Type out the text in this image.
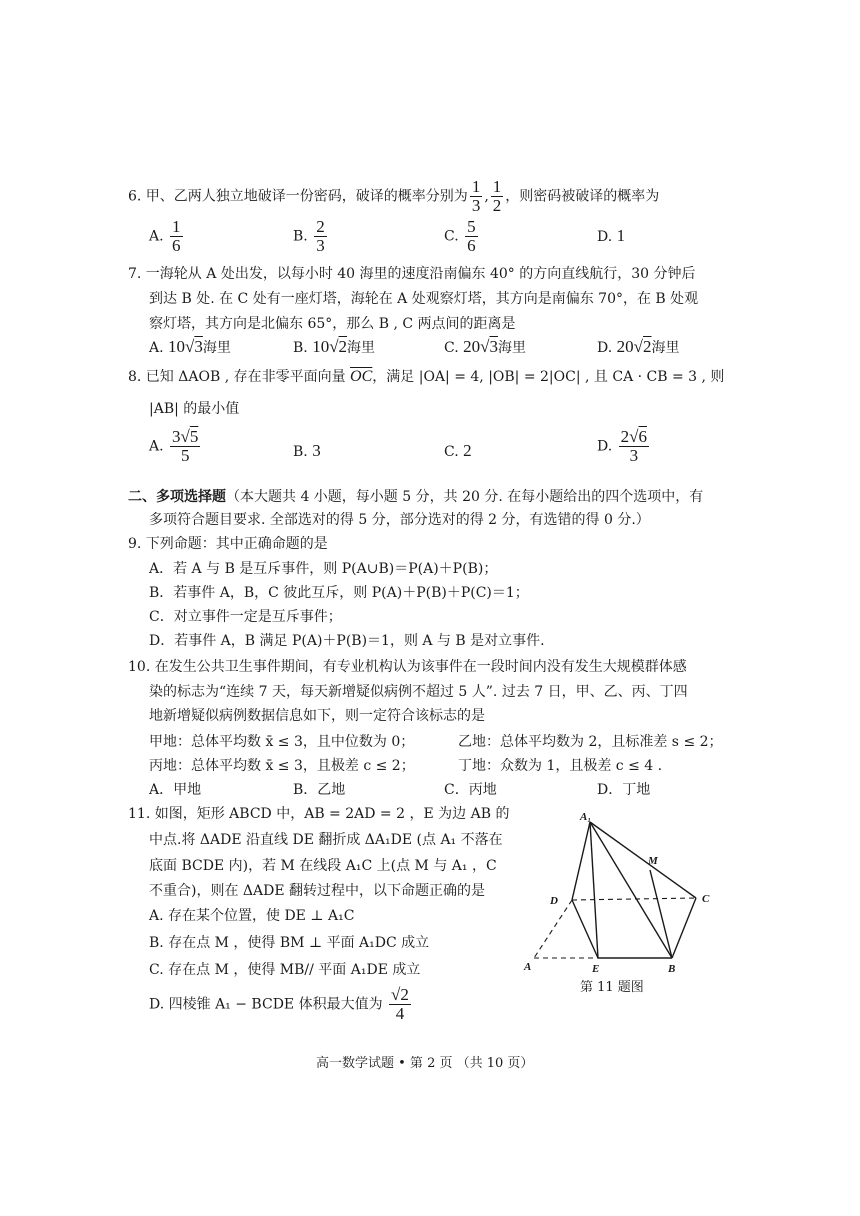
6. 甲、乙两人独立地破译一份密码，破译的概率分别为 $\frac{1}{3}$ , $\frac{1}{2}$ ，则密码被破译的概率为
A. $\frac{1}{6}$	B. $\frac{2}{3}$	C. $\frac{5}{6}$	D. 1
7. 一海轮从 A 处出发，以每小时 40 海里的速度沿南偏东 40° 的方向直线航行，30 分钟后
到达 B 处. 在 C 处有一座灯塔，海轮在 A 处观察灯塔，其方向是南偏东 70°，在 B 处观
察灯塔，其方向是北偏东 65°，那么 B , C 两点间的距离是
A. 10√3海里	B. 10√2海里	C. 20√3海里	D. 20√2海里
8. 已知 ΔAOB , 存在非零平面向量 $\overline{OC}$，满足 |OA| = 4, |OB| = 2|OC| , 且 CA · CB = 3 , 则
|AB| 的最小值
A. $\frac{3√5}{5}$	B. 3	C. 2	D. $\frac{2√6}{3}$
二、多项选择题（本大题共 4 小题，每小题 5 分，共 20 分. 在每小题给出的四个选项中，有
多项符合题目要求. 全部选对的得 5 分，部分选对的得 2 分，有选错的得 0 分.）
9. 下列命题：其中正确命题的是
A．若 A 与 B 是互斥事件，则 P(A∪B)＝P(A)＋P(B)；
B．若事件 A，B，C 彼此互斥，则 P(A)＋P(B)＋P(C)＝1；
C．对立事件一定是互斥事件；
D．若事件 A，B 满足 P(A)＋P(B)＝1，则 A 与 B 是对立事件.
10. 在发生公共卫生事件期间，有专业机构认为该事件在一段时间内没有发生大规模群体感
染的标志为“连续 7 天，每天新增疑似病例不超过 5 人”. 过去 7 日，甲、乙、丙、丁四
地新增疑似病例数据信息如下，则一定符合该标志的是
甲地：总体平均数 x̄ ≤ 3，且中位数为 0；	乙地：总体平均数为 2，且标准差 s ≤ 2；
丙地：总体平均数 x̄ ≤ 3，且极差 c ≤ 2；	丁地：众数为 1，且极差 c ≤ 4 .
A．甲地	B．乙地	C．丙地	D．丁地
11. 如图，矩形 ABCD 中，AB = 2AD = 2 ，E 为边 AB 的
中点.将 ΔADE 沿直线 DE 翻折成 ΔA₁DE (点 A₁ 不落在
底面 BCDE 内)，若 M 在线段 A₁C 上(点 M 与 A₁ ，C
不重合)，则在 ΔADE 翻转过程中，以下命题正确的是
A. 存在某个位置，使 DE ⊥ A₁C
B. 存在点 M ，使得 BM ⊥ 平面 A₁DC 成立
C. 存在点 M ，使得 MB// 平面 A₁DE 成立
D. 四棱锥 A₁ − BCDE 体积最大值为 $\frac{√2}{4}$
A₁
M
D	C
A	E	B
第 11 题图
高一数学试题 • 第 2 页 （共 10 页）
